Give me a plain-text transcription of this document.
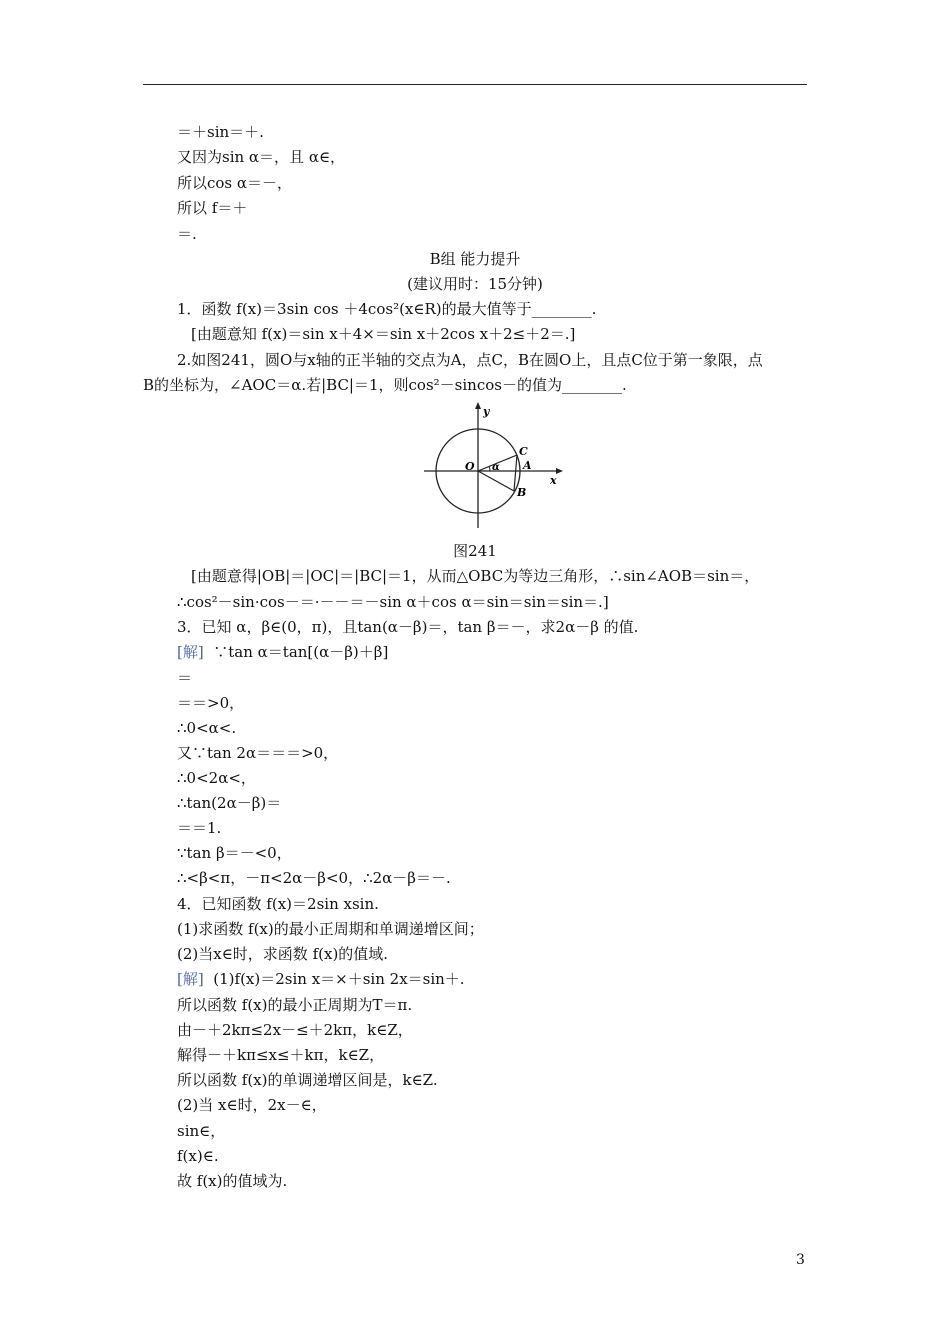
＝＋sin＝＋.
又因为sin α＝，且 α∈，
所以cos α＝－，
所以 f＝＋
＝.
B组 能力提升
(建议用时：15分钟)
1．函数 f(x)＝3sin cos ＋4cos²(x∈R)的最大值等于________.
[由题意知 f(x)＝sin x＋4×＝sin x＋2cos x＋2≤＋2＝.]
2.如图241，圆O与x轴的正半轴的交点为A，点C，B在圆O上，且点C位于第一象限，点
B的坐标为，∠AOC＝α.若|BC|＝1，则cos²－sincos－的值为________.
y
x
O	A
B
C
α
图241
[由题意得|OB|＝|OC|＝|BC|＝1，从而△OBC为等边三角形，∴sin∠AOB＝sin＝，
∴cos²－sin·cos－＝·－－＝－sin α＋cos α＝sin＝sin＝sin＝.]
3．已知 α，β∈(0，π)，且tan(α－β)＝，tan β＝－，求2α－β 的值.
[解] ∵tan α＝tan[(α－β)＋β]
＝
＝＝>0，
∴0<α<.
又∵tan 2α＝＝＝>0，
∴0<2α<，
∴tan(2α－β)＝
＝＝1.
∵tan β＝－<0，
∴<β<π，－π<2α－β<0，∴2α－β＝－.
4．已知函数 f(x)＝2sin xsin.
(1)求函数 f(x)的最小正周期和单调递增区间；
(2)当x∈时，求函数 f(x)的值域.
[解] (1)f(x)＝2sin x＝×＋sin 2x＝sin＋.
所以函数 f(x)的最小正周期为T＝π.
由－＋2kπ≤2x－≤＋2kπ，k∈Z，
解得－＋kπ≤x≤＋kπ，k∈Z，
所以函数 f(x)的单调递增区间是，k∈Z.
(2)当 x∈时，2x－∈，
sin∈，
f(x)∈.
故 f(x)的值域为.
3
